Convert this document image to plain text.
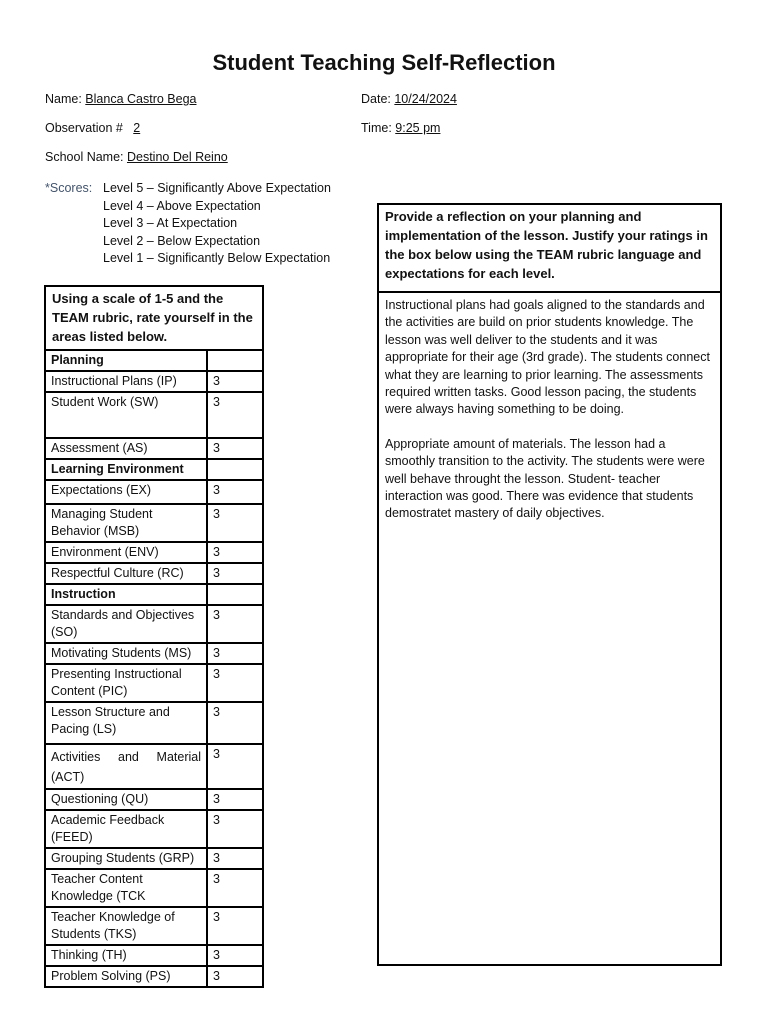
Student Teaching Self-Reflection
Name: Blanca Castro Bega	Date: 10/24/2024
Observation #   2	Time: 9:25 pm
School Name: Destino Del Reino
*Scores: Level 5 – Significantly Above Expectation
Level 4 – Above Expectation
Level 3 – At Expectation
Level 2 – Below Expectation
Level 1 – Significantly Below Expectation
Using a scale of 1-5 and the TEAM rubric, rate yourself in the areas listed below.	
Planning	
Instructional Plans (IP)	3
Student Work (SW)	3
Assessment (AS)	3
Learning Environment	
Expectations (EX)	3
Managing Student Behavior (MSB)	3
Environment (ENV)	3
Respectful Culture (RC)	3
Instruction	
Standards and Objectives (SO)	3
Motivating Students (MS)	3
Presenting Instructional Content (PIC)	3
Lesson Structure and Pacing (LS)	3
Activities and Material (ACT)	3
Questioning (QU)	3
Academic Feedback (FEED)	3
Grouping Students (GRP)	3
Teacher Content Knowledge (TCK	3
Teacher Knowledge of Students (TKS)	3
Thinking (TH)	3
Problem Solving (PS)	3
Provide a reflection on your planning and implementation of the lesson. Justify your ratings in the box below using the TEAM rubric language and expectations for each level.

Instructional plans had goals aligned to the standards and the activities are build on prior students knowledge. The lesson was well deliver to the students and it was appropriate for their age (3rd grade). The students connect what they are learning to prior learning. The assessments required written tasks. Good lesson pacing, the students were always having something to be doing.

Appropriate amount of materials. The lesson had a smoothly transition to the activity. The students were were well behave throught the lesson. Student- teacher interaction was good. There was evidence that students demostratet mastery of daily objectives.
